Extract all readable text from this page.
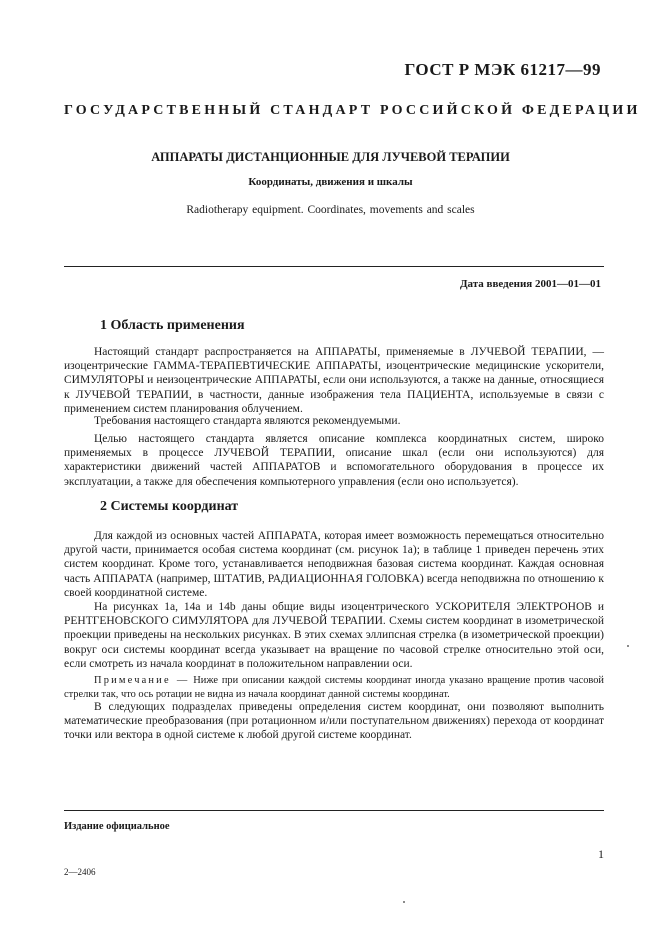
ГОСТ Р МЭК 61217—99
ГОСУДАРСТВЕННЫЙ СТАНДАРТ РОССИЙСКОЙ ФЕДЕРАЦИИ
АППАРАТЫ ДИСТАНЦИОННЫЕ ДЛЯ ЛУЧЕВОЙ ТЕРАПИИ
Координаты, движения и шкалы
Radiotherapy equipment. Coordinates, movements and scales
Дата введения 2001—01—01
1 Область применения
Настоящий стандарт распространяется на АППАРАТЫ, применяемые в ЛУЧЕВОЙ ТЕРАПИИ, — изоцентрические ГАММА-ТЕРАПЕВТИЧЕСКИЕ АППАРАТЫ, изоцентрические медицинские ускорители, СИМУЛЯТОРЫ и неизоцентрические АППАРАТЫ, если они используются, а также на данные, относящиеся к ЛУЧЕВОЙ ТЕРАПИИ, в частности, данные изображения тела ПАЦИЕНТА, используемые в связи с применением систем планирования облучением.
Требования настоящего стандарта являются рекомендуемыми.
Целью настоящего стандарта является описание комплекса координатных систем, широко применяемых в процессе ЛУЧЕВОЙ ТЕРАПИИ, описание шкал (если они используются) для характеристики движений частей АППАРАТОВ и вспомогательного оборудования в процессе их эксплуатации, а также для обеспечения компьютерного управления (если оно используется).
2 Системы координат
Для каждой из основных частей АППАРАТА, которая имеет возможность перемещаться относительно другой части, принимается особая система координат (см. рисунок 1а); в таблице 1 приведен перечень этих систем координат. Кроме того, устанавливается неподвижная базовая система координат. Каждая основная часть АППАРАТА (например, ШТАТИВ, РАДИАЦИОННАЯ ГОЛОВКА) всегда неподвижна по отношению к своей координатной системе.
На рисунках 1а, 14а и 14b даны общие виды изоцентрического УСКОРИТЕЛЯ ЭЛЕКТРОНОВ и РЕНТГЕНОВСКОГО СИМУЛЯТОРА для ЛУЧЕВОЙ ТЕРАПИИ. Схемы систем координат в изометрической проекции приведены на нескольких рисунках. В этих схемах эллипсная стрелка (в изометрической проекции) вокруг оси системы координат всегда указывает на вращение по часовой стрелке относительно этой оси, если смотреть из начала координат в положительном направлении оси.
Примечание — Ниже при описании каждой системы координат иногда указано вращение против часовой стрелки так, что ось ротации не видна из начала координат данной системы координат.
В следующих подразделах приведены определения систем координат, они позволяют выполнить математические преобразования (при ротационном и/или поступательном движениях) перехода от координат точки или вектора в одной системе к любой другой системе координат.
Издание официальное
2—2406
1
